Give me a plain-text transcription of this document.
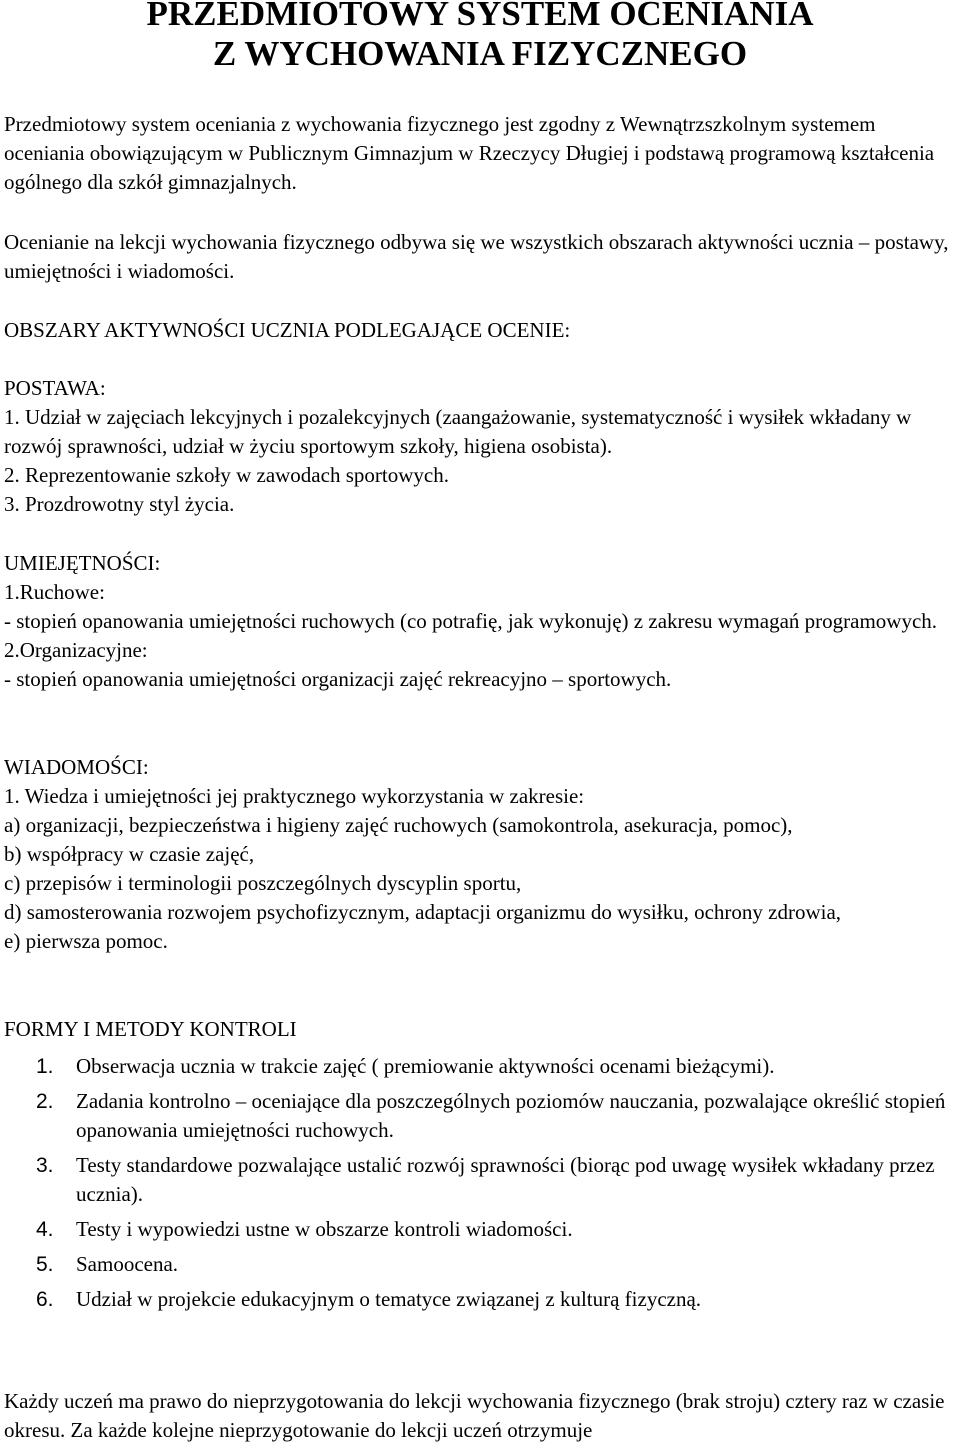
PRZEDMIOTOWY SYSTEM OCENIANIA

Z WYCHOWANIA FIZYCZNEGO

Przedmiotowy system oceniania z wychowania fizycznego jest zgodny z Wewnątrzszkolnym systemem oceniania obowiązującym w Publicznym Gimnazjum w Rzeczycy Długiej i podstawą programową kształcenia ogólnego dla szkół gimnazjalnych.

Ocenianie na lekcji wychowania fizycznego odbywa się we wszystkich obszarach aktywności ucznia – postawy, umiejętności i wiadomości.

OBSZARY AKTYWNOŚCI UCZNIA PODLEGAJĄCE OCENIE:

POSTAWA:

1. Udział w zajęciach lekcyjnych i pozalekcyjnych (zaangażowanie, systematyczność i wysiłek wkładany w rozwój sprawności, udział w życiu sportowym szkoły, higiena osobista).

2. Reprezentowanie szkoły w zawodach sportowych.

3. Prozdrowotny styl życia.

UMIEJĘTNOŚCI:

1.Ruchowe:

- stopień opanowania umiejętności ruchowych (co potrafię, jak wykonuję) z zakresu wymagań programowych.

2.Organizacyjne:

- stopień opanowania umiejętności organizacji zajęć rekreacyjno – sportowych.

WIADOMOŚCI:

1. Wiedza i umiejętności jej praktycznego wykorzystania w zakresie:

a) organizacji, bezpieczeństwa i higieny zajęć ruchowych (samokontrola, asekuracja, pomoc),

b) współpracy w czasie zajęć,

c) przepisów i terminologii poszczególnych dyscyplin sportu,

d) samosterowania rozwojem psychofizycznym, adaptacji organizmu do wysiłku, ochrony zdrowia,

e) pierwsza pomoc.

FORMY I METODY KONTROLI

1. Obserwacja ucznia w trakcie zajęć ( premiowanie aktywności ocenami bieżącymi).
2. Zadania kontrolno – oceniające dla poszczególnych poziomów nauczania, pozwalające określić stopień opanowania umiejętności ruchowych.
3. Testy standardowe pozwalające ustalić rozwój sprawności (biorąc pod uwagę wysiłek wkładany przez ucznia).
4. Testy i wypowiedzi ustne w obszarze kontroli wiadomości.
5. Samoocena.
6. Udział w projekcie edukacyjnym o tematyce związanej z kulturą fizyczną.

Każdy uczeń ma prawo do nieprzygotowania do lekcji wychowania fizycznego (brak stroju) cztery raz w czasie okresu. Za każde kolejne nieprzygotowanie do lekcji uczeń otrzymuje
